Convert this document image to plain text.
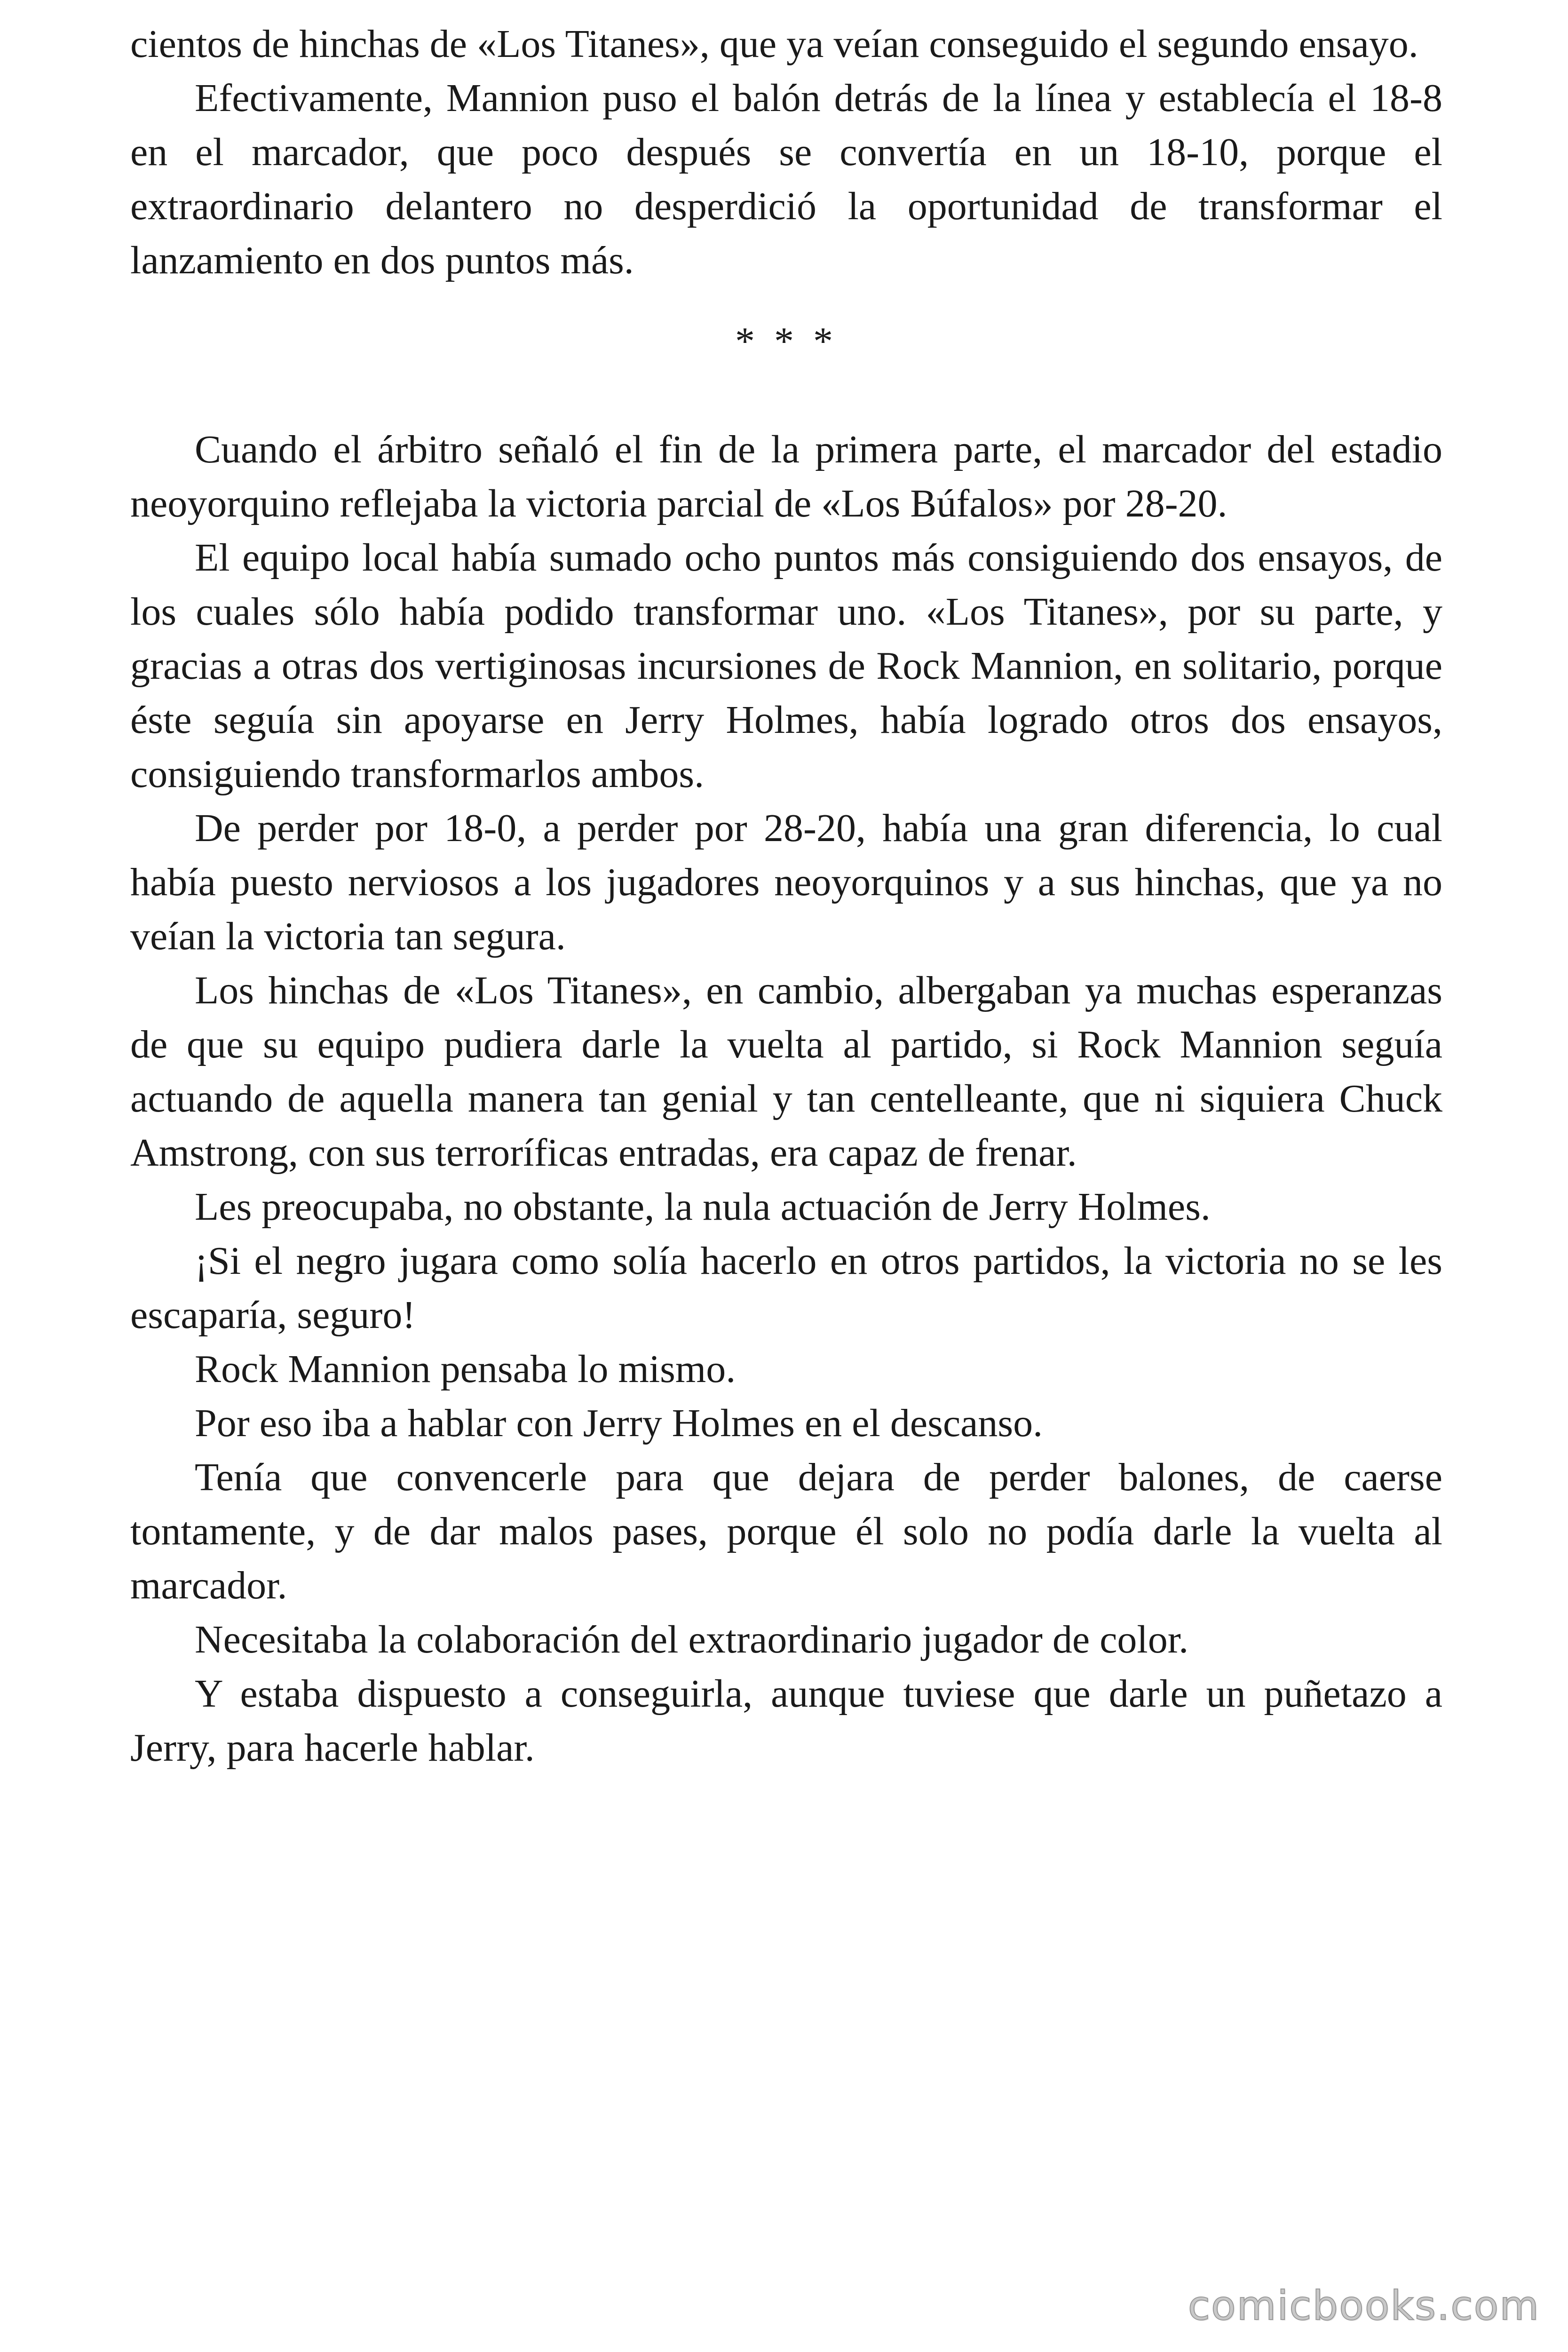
cientos de hinchas de «Los Titanes», que ya veían conseguido el segundo ensayo.

Efectivamente, Mannion puso el balón detrás de la línea y establecía el 18-8 en el marcador, que poco después se convertía en un 18-10, porque el extraordinario delantero no desperdició la oportunidad de transformar el lanzamiento en dos puntos más.

* * *

Cuando el árbitro señaló el fin de la primera parte, el marcador del estadio neoyorquino reflejaba la victoria parcial de «Los Búfalos» por 28-20.

El equipo local había sumado ocho puntos más consiguiendo dos ensayos, de los cuales sólo había podido transformar uno. «Los Titanes», por su parte, y gracias a otras dos vertiginosas incursiones de Rock Mannion, en solitario, porque éste seguía sin apoyarse en Jerry Holmes, había logrado otros dos ensayos, consiguiendo transformarlos ambos.

De perder por 18-0, a perder por 28-20, había una gran diferencia, lo cual había puesto nerviosos a los jugadores neoyorquinos y a sus hinchas, que ya no veían la victoria tan segura.

Los hinchas de «Los Titanes», en cambio, albergaban ya muchas esperanzas de que su equipo pudiera darle la vuelta al partido, si Rock Mannion seguía actuando de aquella manera tan genial y tan centelleante, que ni siquiera Chuck Amstrong, con sus terroríficas entradas, era capaz de frenar.

Les preocupaba, no obstante, la nula actuación de Jerry Holmes.

¡Si el negro jugara como solía hacerlo en otros partidos, la victoria no se les escaparía, seguro!

Rock Mannion pensaba lo mismo.

Por eso iba a hablar con Jerry Holmes en el descanso.

Tenía que convencerle para que dejara de perder balones, de caerse tontamente, y de dar malos pases, porque él solo no podía darle la vuelta al marcador.

Necesitaba la colaboración del extraordinario jugador de color.

Y estaba dispuesto a conseguirla, aunque tuviese que darle un puñetazo a Jerry, para hacerle hablar.

comicbooks.com
